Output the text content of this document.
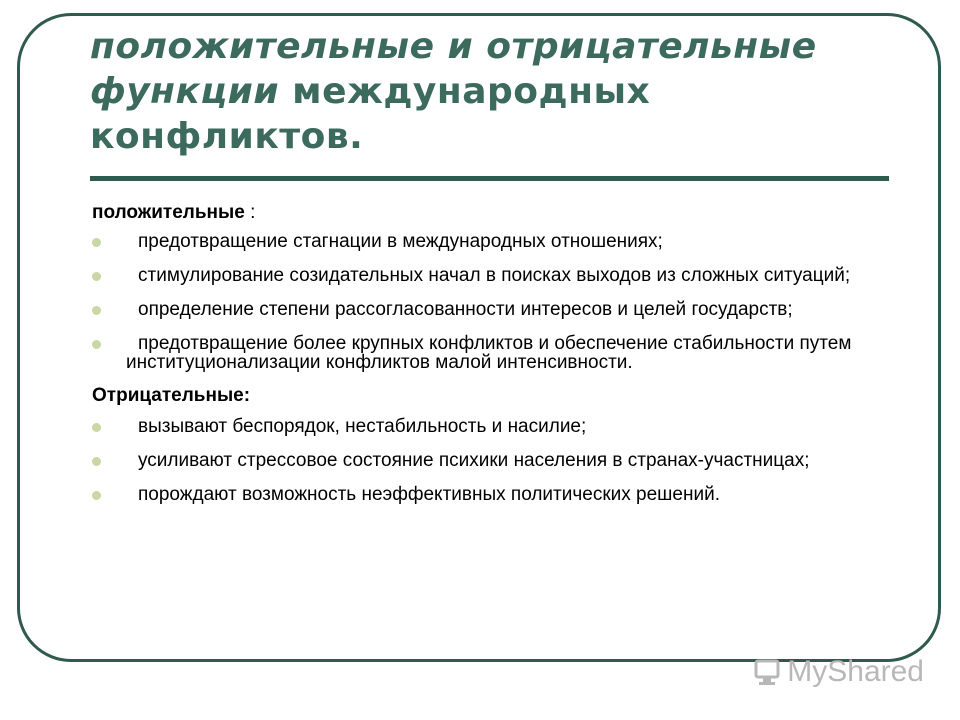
положительные и отрицательные функции международных конфликтов.
положительные :
предотвращение стагнации в международных отношениях;
стимулирование созидательных начал в поисках выходов из сложных ситуаций;
определение степени рассогласованности интересов и целей государств;
предотвращение более крупных конфликтов и обеспечение стабильности путем институционализации конфликтов малой интенсивности.
Отрицательные:
вызывают беспорядок, нестабильность и насилие;
усиливают стрессовое состояние психики населения в странах-участницах;
порождают возможность неэффективных политических решений.
MyShared
